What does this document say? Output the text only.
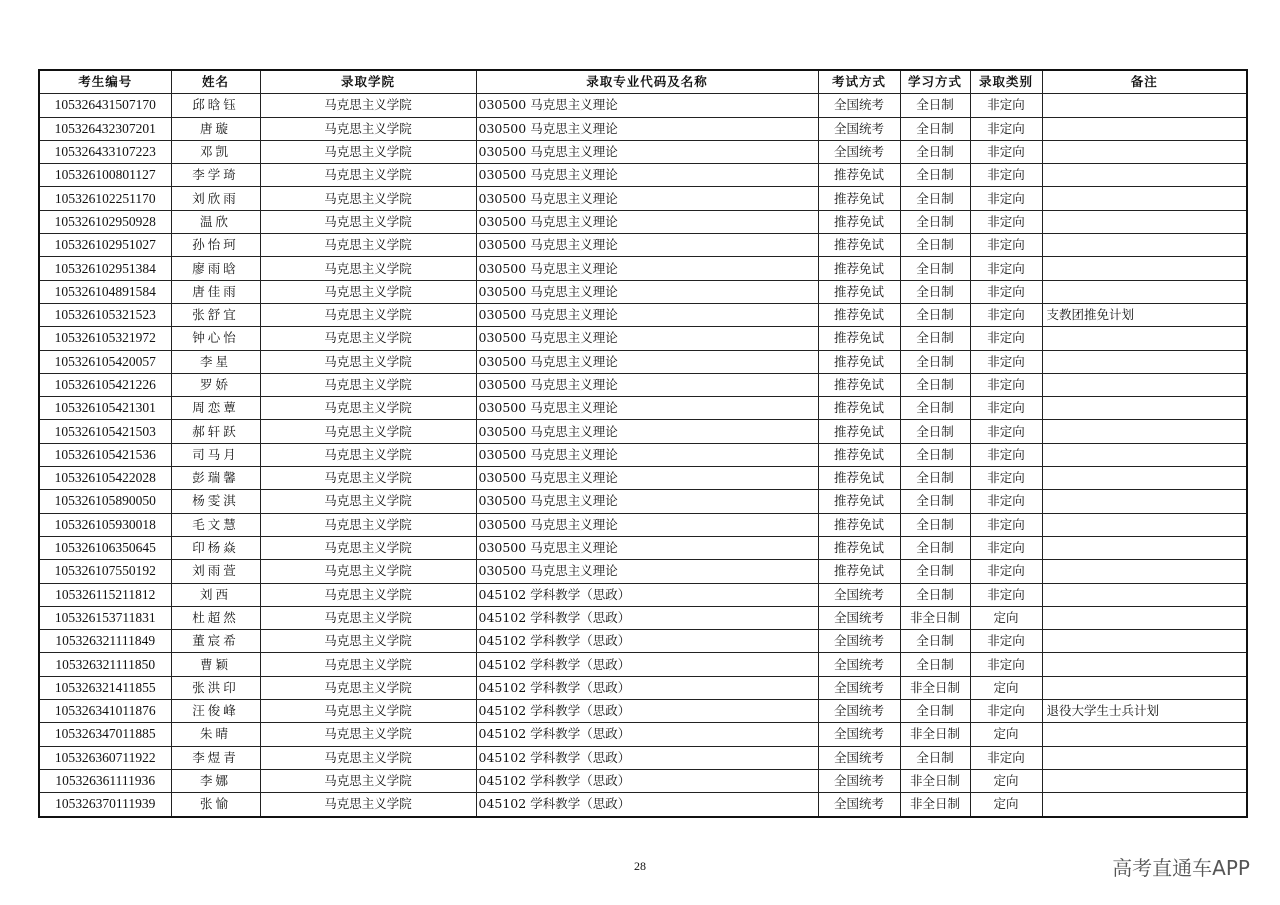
考生编号	姓名	录取学院	录取专业代码及名称	考试方式	学习方式	录取类别	备注
105326431507170	邱晗钰	马克思主义学院	030500 马克思主义理论	全国统考	全日制	非定向	
105326432307201	唐璇	马克思主义学院	030500 马克思主义理论	全国统考	全日制	非定向	
105326433107223	邓凯	马克思主义学院	030500 马克思主义理论	全国统考	全日制	非定向	
105326100801127	李学琦	马克思主义学院	030500 马克思主义理论	推荐免试	全日制	非定向	
105326102251170	刘欣雨	马克思主义学院	030500 马克思主义理论	推荐免试	全日制	非定向	
105326102950928	温欣	马克思主义学院	030500 马克思主义理论	推荐免试	全日制	非定向	
105326102951027	孙怡珂	马克思主义学院	030500 马克思主义理论	推荐免试	全日制	非定向	
105326102951384	廖雨晗	马克思主义学院	030500 马克思主义理论	推荐免试	全日制	非定向	
105326104891584	唐佳雨	马克思主义学院	030500 马克思主义理论	推荐免试	全日制	非定向	
105326105321523	张舒宜	马克思主义学院	030500 马克思主义理论	推荐免试	全日制	非定向	支教团推免计划
105326105321972	钟心怡	马克思主义学院	030500 马克思主义理论	推荐免试	全日制	非定向	
105326105420057	李星	马克思主义学院	030500 马克思主义理论	推荐免试	全日制	非定向	
105326105421226	罗娇	马克思主义学院	030500 马克思主义理论	推荐免试	全日制	非定向	
105326105421301	周恋蕈	马克思主义学院	030500 马克思主义理论	推荐免试	全日制	非定向	
105326105421503	郝轩跃	马克思主义学院	030500 马克思主义理论	推荐免试	全日制	非定向	
105326105421536	司马月	马克思主义学院	030500 马克思主义理论	推荐免试	全日制	非定向	
105326105422028	彭瑞馨	马克思主义学院	030500 马克思主义理论	推荐免试	全日制	非定向	
105326105890050	杨雯淇	马克思主义学院	030500 马克思主义理论	推荐免试	全日制	非定向	
105326105930018	毛文慧	马克思主义学院	030500 马克思主义理论	推荐免试	全日制	非定向	
105326106350645	印杨焱	马克思主义学院	030500 马克思主义理论	推荐免试	全日制	非定向	
105326107550192	刘雨萱	马克思主义学院	030500 马克思主义理论	推荐免试	全日制	非定向	
105326115211812	刘西	马克思主义学院	045102 学科教学（思政）	全国统考	全日制	非定向	
105326153711831	杜超然	马克思主义学院	045102 学科教学（思政）	全国统考	非全日制	定向	
105326321111849	董宸希	马克思主义学院	045102 学科教学（思政）	全国统考	全日制	非定向	
105326321111850	曹颖	马克思主义学院	045102 学科教学（思政）	全国统考	全日制	非定向	
105326321411855	张洪印	马克思主义学院	045102 学科教学（思政）	全国统考	非全日制	定向	
105326341011876	汪俊峰	马克思主义学院	045102 学科教学（思政）	全国统考	全日制	非定向	退役大学生士兵计划
105326347011885	朱晴	马克思主义学院	045102 学科教学（思政）	全国统考	非全日制	定向	
105326360711922	李煜青	马克思主义学院	045102 学科教学（思政）	全国统考	全日制	非定向	
105326361111936	李娜	马克思主义学院	045102 学科教学（思政）	全国统考	非全日制	定向	
105326370111939	张愉	马克思主义学院	045102 学科教学（思政）	全国统考	非全日制	定向	
28	高考直通车APP
